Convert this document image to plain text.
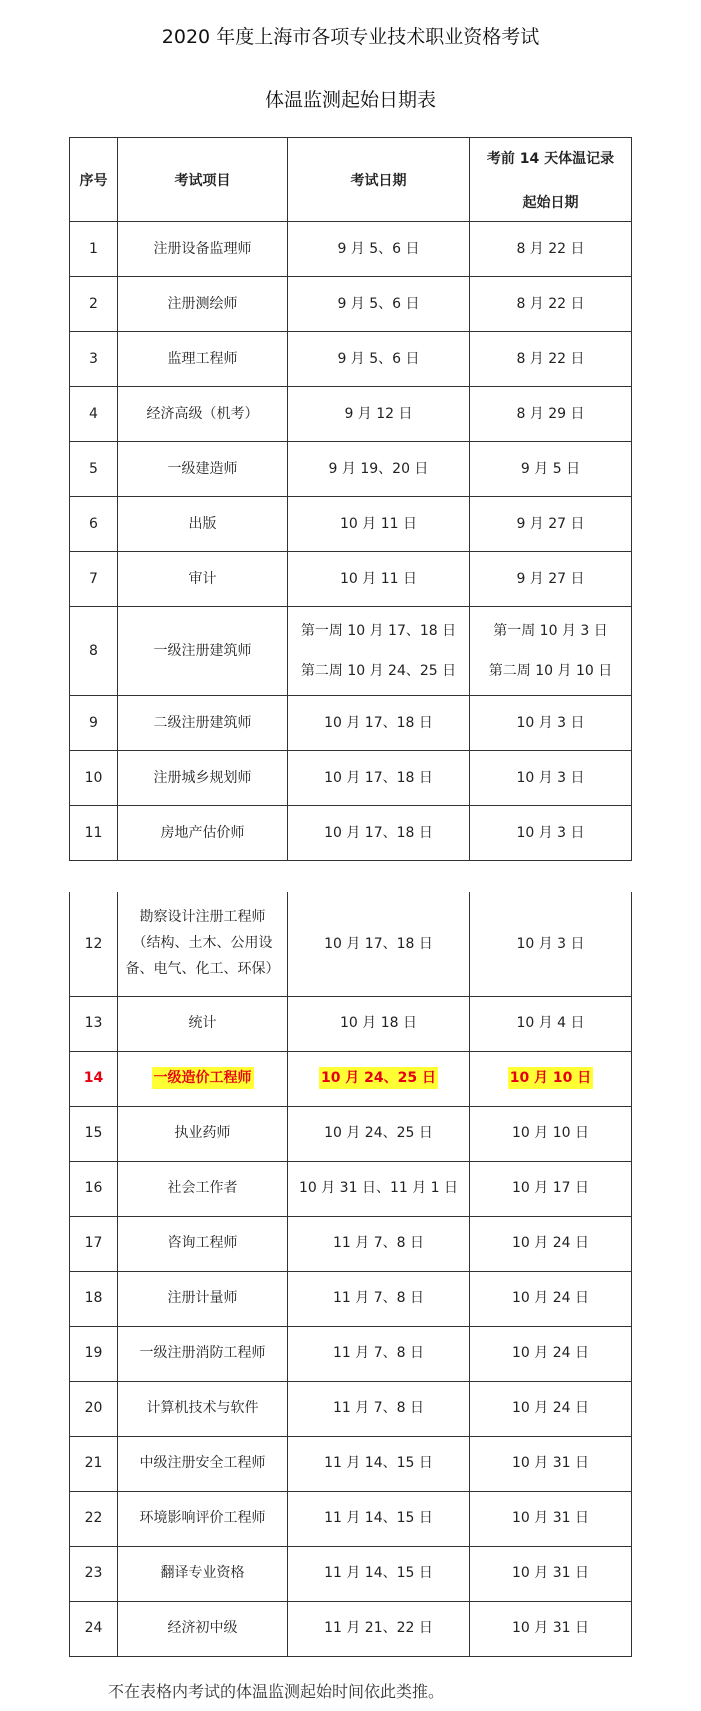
2020 年度上海市各项专业技术职业资格考试
体温监测起始日期表
序号	考试项目	考试日期	考前 14 天体温记录
起始日期

1	注册设备监理师	9 月 5、6 日	8 月 22 日
2	注册测绘师	9 月 5、6 日	8 月 22 日
3	监理工程师	9 月 5、6 日	8 月 22 日
4	经济高级（机考）	9 月 12 日	8 月 29 日
5	一级建造师	9 月 19、20 日	9 月 5 日
6	出版	10 月 11 日	9 月 27 日
7	审计	10 月 11 日	9 月 27 日
8	一级注册建筑师	第一周 10 月 17、18 日
第二周 10 月 24、25 日	第一周 10 月 3 日
第二周 10 月 10 日

9	二级注册建筑师	10 月 17、18 日	10 月 3 日
10	注册城乡规划师	10 月 17、18 日	10 月 3 日
11	房地产估价师	10 月 17、18 日	10 月 3 日
12	勘察设计注册工程师
（结构、土木、公用设
备、电气、化工、环保）	10 月 17、18 日	10 月 3 日
13	统计	10 月 18 日	10 月 4 日
14	一级造价工程师	10 月 24、25 日	10 月 10 日
15	执业药师	10 月 24、25 日	10 月 10 日
16	社会工作者	10 月 31 日、11 月 1 日	10 月 17 日
17	咨询工程师	11 月 7、8 日	10 月 24 日
18	注册计量师	11 月 7、8 日	10 月 24 日
19	一级注册消防工程师	11 月 7、8 日	10 月 24 日
20	计算机技术与软件	11 月 7、8 日	10 月 24 日
21	中级注册安全工程师	11 月 14、15 日	10 月 31 日
22	环境影响评价工程师	11 月 14、15 日	10 月 31 日
23	翻译专业资格	11 月 14、15 日	10 月 31 日
24	经济初中级	11 月 21、22 日	10 月 31 日
不在表格内考试的体温监测起始时间依此类推。
